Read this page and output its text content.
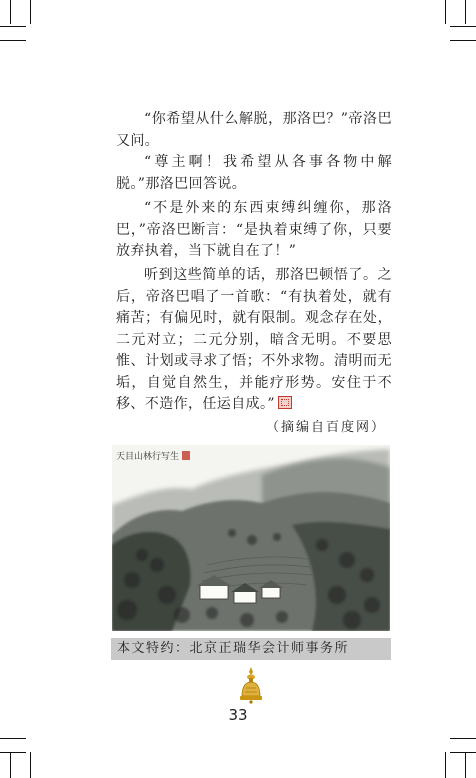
“你希望从什么解脱，那洛巴？”帝洛巴又问。

“尊主啊！我希望从各事各物中解脱。”那洛巴回答说。

“不是外来的东西束缚纠缠你，那洛巴，”帝洛巴断言：“是执着束缚了你，只要放弃执着，当下就自在了！”

听到这些简单的话，那洛巴顿悟了。之后，帝洛巴唱了一首歌：“有执着处，就有痛苦；有偏见时，就有限制。观念存在处，二元对立；二元分别，暗含无明。不要思惟、计划或寻求了悟；不外求物。清明而无垢，自觉自然生，并能疗形势。安住于不移、不造作，任运自成。”

（摘编自百度网）

天目山林行写生
本文特约：北京正瑞华会计师事务所
33
